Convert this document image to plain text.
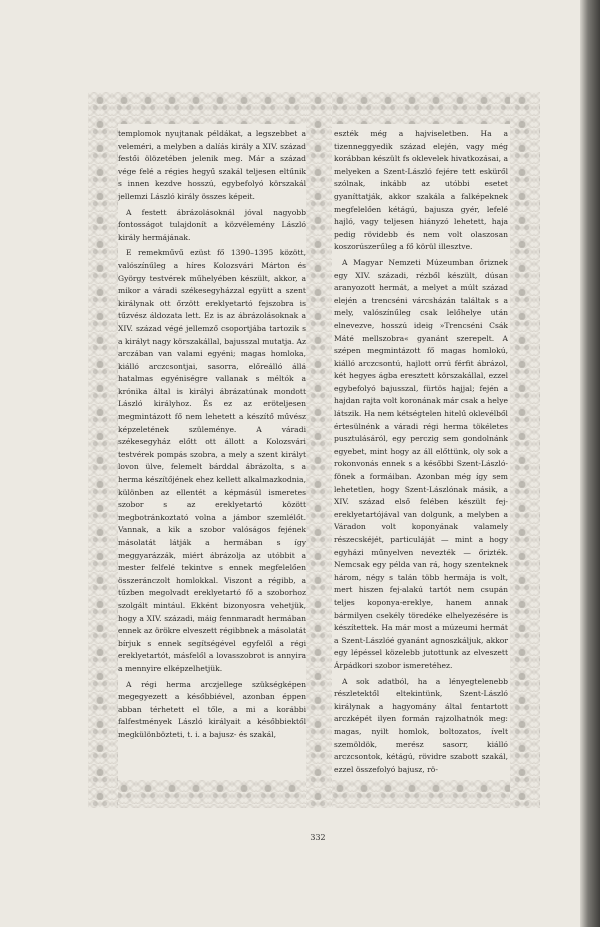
templomok nyujtanak példákat, a legszebbet a veleméri, a melyben a dalíás király a XIV. század festői ölözetében jelenik meg. Már a század vége felé a régies hegyű szakál teljesen eltűnik s innen kezdve hosszú, egybefolyó körszakál jellemzi László király összes képeit.

A festett ábrázolásoknál jóval nagyobb fontosságot tulajdonít a közvélemény László király hermájának.

E remekművű ezüst fő 1390–1395 között, valószínűleg a híres Kolozsvári Márton és György testvérek műhelyében készült, akkor, a mikor a váradi székesegyházzal együtt a szent királynak ott őrzött ereklyetartó fejszobra is tűzvész áldozata lett. Ez is az ábrázolásoknak a XIV. század végé jellemző csoportjába tartozik s a királyt nagy körszakállal, bajusszal mutatja. Az arczában van valami egyéni; magas homloka, kiálló arczcsontjai, sasorra, előreálló állá hatalmas egyéniségre vallanak s méltók a krónika által is királyi ábrázatúnak mondott László királyhoz. És ez az eröteljesen megmintázott fő nem lehetett a készítő művész képzeletének szüleménye. A váradi székesegyház előtt ott állott a Kolozsvári testvérek pompás szobra, a mely a szent királyt lovon ülve, felemelt bárddal ábrázolta, s a herma készítőjének ehez kellett alkalmazkodnia, különben az ellentét a képmásúl ismeretes szobor s az ereklyetartó között megbotránkoztató volna a jámbor szemlélőt. Vannak, a kik a szobor valóságos fejének másolatát látják a hermában s így meggyarázzák, miért ábrázolja az utóbbit a mester felfelé tekintve s ennek megfelelően összeránczolt homlokkal. Viszont a régibb, a tűzben megolvadt ereklyetartó fő a szoborhoz szolgált mintául. Ekként bizonyosra vehetjük, hogy a XIV. századi, máig fennmaradt hermában ennek az örökre elveszett régibbnek a másolatát bírjuk s ennek segítségével egyfelől a régi ereklyetartót, másfelől a lovasszobrot is annyira a mennyire elképzelhetjük.

A régi herma arczjellege szükségképen megegyezett a későbbiével, azonban éppen abban térhetett el tőle, a mi a korábbi falfestmények László királyait a későbbiektől megkülönbözteti, t. i. a bajusz- és szakál,

eszték még a hajviseletben. Ha a tizenneggyedik század elején, vagy még korábban készült fs oklevelek hivatkozásai, a melyeken a Szent-László fejére tett esküről szólnak, inkább az utóbbi esetet gyaníttatják, akkor szakála a falképeknek megfelelően kétágú, bajusza gyér, lefelé hajló, vagy teljesen hiányzó lehetett, haja pedig rövidebb és nem volt olaszosan koszorúszerűleg a fő körül illesztve.

A Magyar Nemzeti Múzeumban őriznek egy XIV. századi, rézből készült, dúsan aranyozott hermát, a melyet a múlt század elején a trencséni várcsházán találtak s a mely, valószínűleg csak lelőhelye után elnevezve, hosszú ideig »Trencséni Csák Máté mellszobra« gyanánt szerepelt. A szépen megmintázott fő magas homlokú, kiálló arczcsontú, hajlott orrú férfit ábrázol, két hegyes ágba eresztett körszakállal, ezzel egybefolyó bajusszal, fürtös hajjal; fején a hajdan rajta volt koronának már csak a helye látszik. Ha nem kétségtelen hitelű oklevélből értesülnénk a váradi régi herma tökéletes pusztulásáról, egy perczig sem gondolnánk egyebet, mint hogy az áll előttünk, oly sok a rokonvonás ennek s a későbbi Szent-László-fönek a formáiban. Azonban még így sem lehetetlen, hogy Szent-Lászlónak másik, a XIV. század első felében készült fej-ereklyetartójával van dolgunk, a melyben a Váradon volt koponyának valamely részecskéjét, particuláját — mint a hogy egyházi műnyelven nevezték — őrizték. Nemcsak egy példa van rá, hogy szenteknek három, négy s talán több hermája is volt, mert hiszen fej-alakú tartót nem csupán teljes koponya-ereklye, hanem annak bármilyen csekély töredéke elhelyezésére is készítettek. Ha már most a múzeumi hermát a Szent-Lászlóé gyanánt agnoszkáljuk, akkor egy lépéssel közelebb jutottunk az elveszett Árpádkori szobor ismeretéhez.

A sok adatból, ha a lényegtelenebb részletektől eltekintünk, Szent-László királynak a hagyomány által fentartott arczképét ilyen formán rajzolhatnók meg: magas, nyilt homlok, boltozatos, ívelt szemöldök, merész sasorr, kiálló arczcsontok, kétágú, rövidre szabott szakál, ezzel összefolyó bajusz, rö-

332
